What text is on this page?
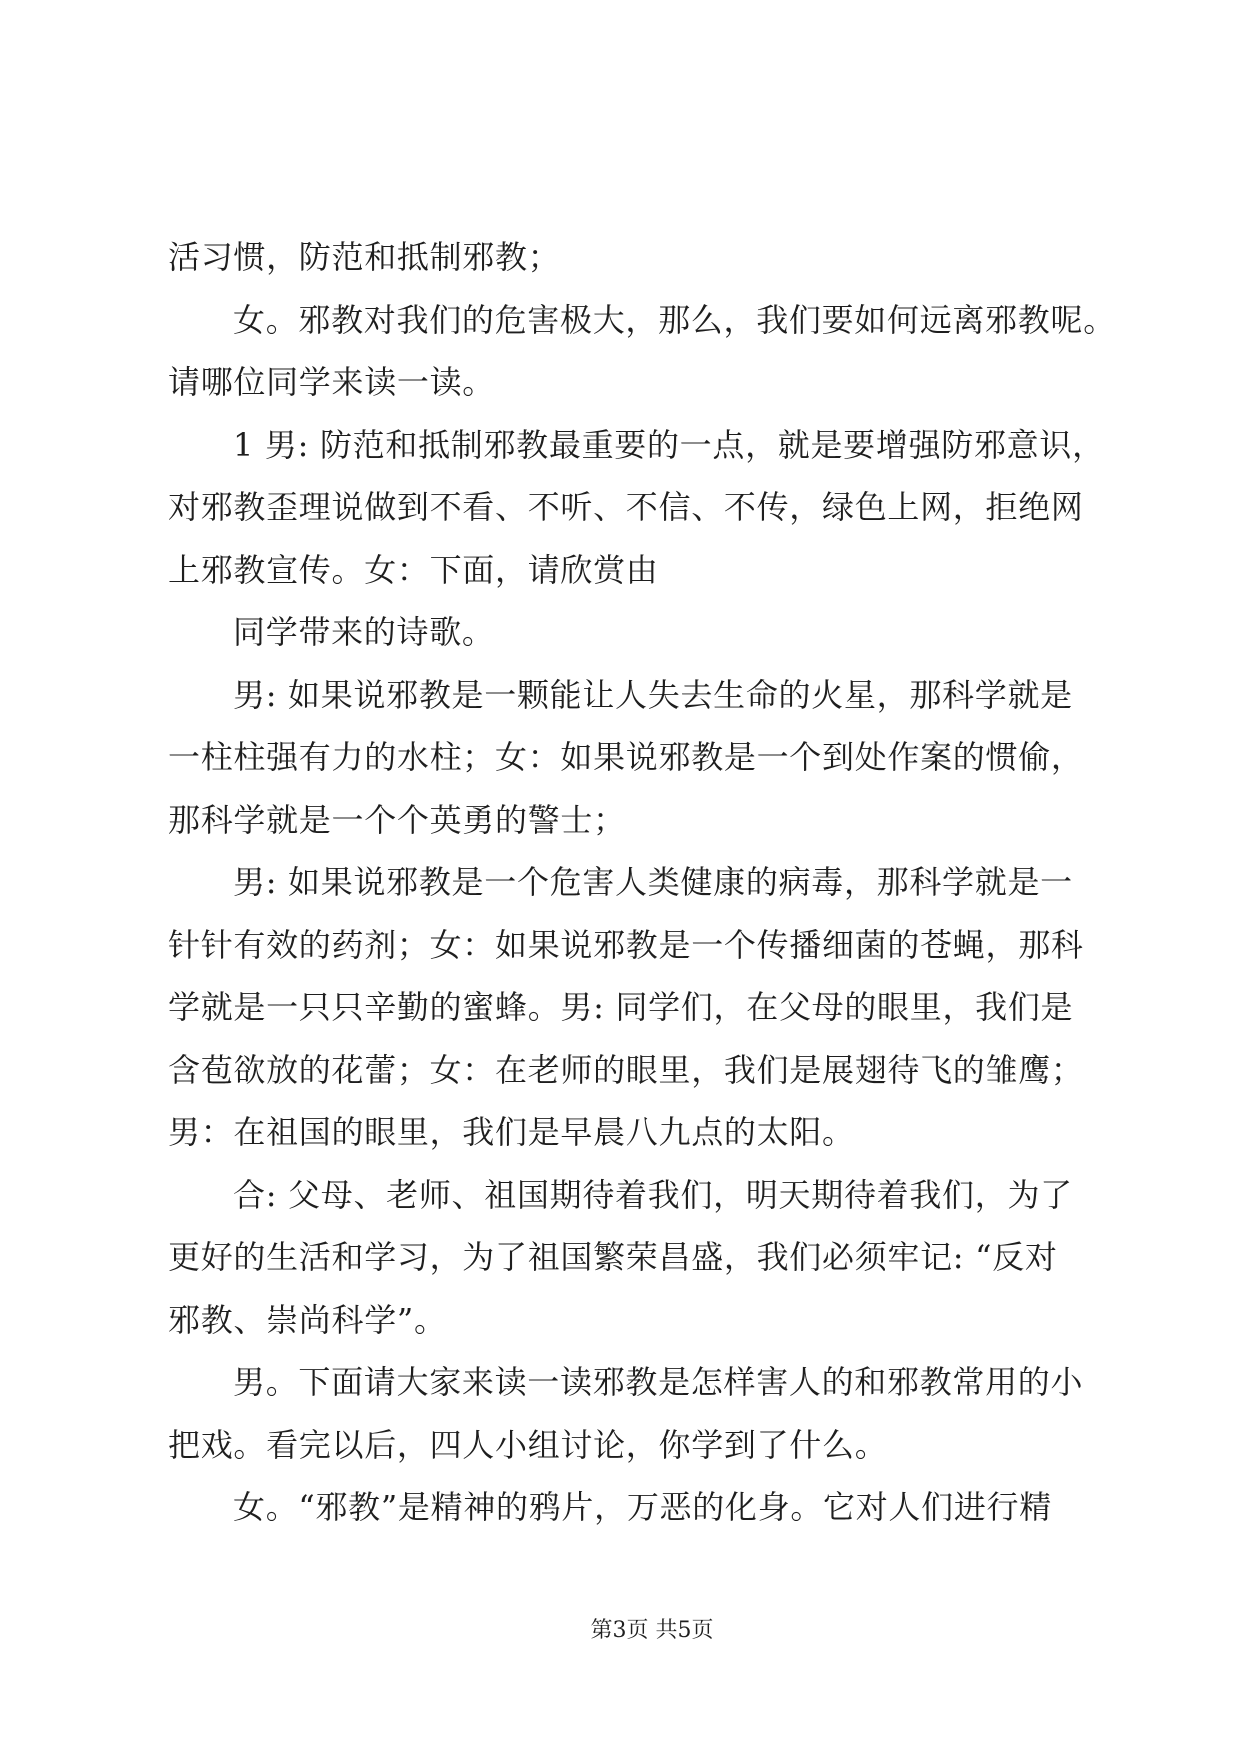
活习惯，防范和抵制邪教；
女。邪教对我们的危害极大，那么，我们要如何远离邪教呢。
请哪位同学来读一读。
1 男: 防范和抵制邪教最重要的一点，就是要增强防邪意识，
对邪教歪理说做到不看、不听、不信、不传，绿色上网，拒绝网
上邪教宣传。女：下面，请欣赏由
同学带来的诗歌。
男: 如果说邪教是一颗能让人失去生命的火星，那科学就是
一柱柱强有力的水柱；女：如果说邪教是一个到处作案的惯偷，
那科学就是一个个英勇的警士；
男: 如果说邪教是一个危害人类健康的病毒，那科学就是一
针针有效的药剂；女：如果说邪教是一个传播细菌的苍蝇，那科
学就是一只只辛勤的蜜蜂。男: 同学们，在父母的眼里，我们是
含苞欲放的花蕾；女：在老师的眼里，我们是展翅待飞的雏鹰；
男：在祖国的眼里，我们是早晨八九点的太阳。
合: 父母、老师、祖国期待着我们，明天期待着我们，为了
更好的生活和学习，为了祖国繁荣昌盛，我们必须牢记: “反对
邪教、崇尚科学”。
男。下面请大家来读一读邪教是怎样害人的和邪教常用的小
把戏。看完以后，四人小组讨论，你学到了什么。
女。“邪教”是精神的鸦片，万恶的化身。它对人们进行精
第3页 共5页
